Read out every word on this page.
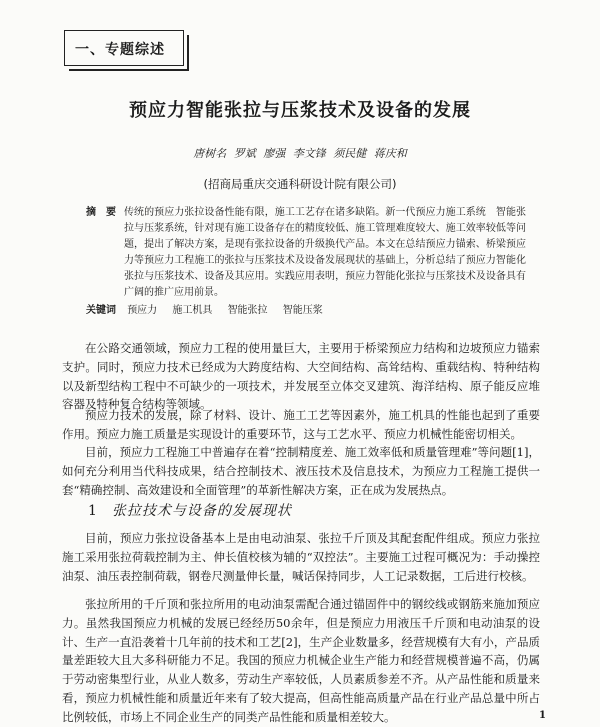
一、专题综述
预应力智能张拉与压浆技术及设备的发展
唐树名 罗斌 廖强 李文锋 须民健 蒋庆和
(招商局重庆交通科研设计院有限公司)
摘　要 传统的预应力张拉设备性能有限，施工工艺存在诸多缺陷。新一代预应力施工系统　智能张拉与压浆系统，针对现有施工设备存在的精度较低、施工管理难度较大、施工效率较低等问题，提出了解决方案，是现有张拉设备的升级换代产品。本文在总结预应力锚索、桥梁预应力等预应力工程施工的张拉与压浆技术及设备发展现状的基础上，分析总结了预应力智能化张拉与压浆技术、设备及其应用。实践应用表明，预应力智能化张拉与压浆技术及设备具有广阔的推广应用前景。
关键词 预应力 施工机具 智能张拉 智能压浆
在公路交通领域，预应力工程的使用量巨大，主要用于桥梁预应力结构和边坡预应力锚索支护。同时，预应力技术已经成为大跨度结构、大空间结构、高耸结构、重载结构、特种结构以及新型结构工程中不可缺少的一项技术，并发展至立体交叉建筑、海洋结构、原子能反应堆容器及特种复合结构等领域。
预应力技术的发展，除了材料、设计、施工工艺等因素外，施工机具的性能也起到了重要作用。预应力施工质量是实现设计的重要环节，这与工艺水平、预应力机械性能密切相关。
目前，预应力工程施工中普遍存在着“控制精度差、施工效率低和质量管理难”等问题[1]，如何充分利用当代科技成果，结合控制技术、液压技术及信息技术，为预应力工程施工提供一套“精确控制、高效建设和全面管理”的革新性解决方案，正在成为发展热点。
1 张拉技术与设备的发展现状
目前，预应力张拉设备基本上是由电动油泵、张拉千斤顶及其配套配件组成。预应力张拉施工采用张拉荷载控制为主、伸长值校核为辅的“双控法”。主要施工过程可概况为：手动操控油泵、油压表控制荷载，钢卷尺测量伸长量，喊话保持同步，人工记录数据，工后进行校核。
张拉所用的千斤顶和张拉所用的电动油泵需配合通过锚固件中的钢绞线或钢筋来施加预应力。虽然我国预应力机械的发展已经经历50余年，但是预应力用液压千斤顶和电动油泵的设计、生产一直沿袭着十几年前的技术和工艺[2]，生产企业数量多，经营规模有大有小，产品质量差距较大且大多科研能力不足。我国的预应力机械企业生产能力和经营规模普遍不高，仍属于劳动密集型行业，从业人数多，劳动生产率较低，人员素质参差不齐。从产品性能和质量来看，预应力机械性能和质量近年来有了较大提高，但高性能高质量产品在行业产品总量中所占比例较低，市场上不同企业生产的同类产品性能和质量相差较大。	1
